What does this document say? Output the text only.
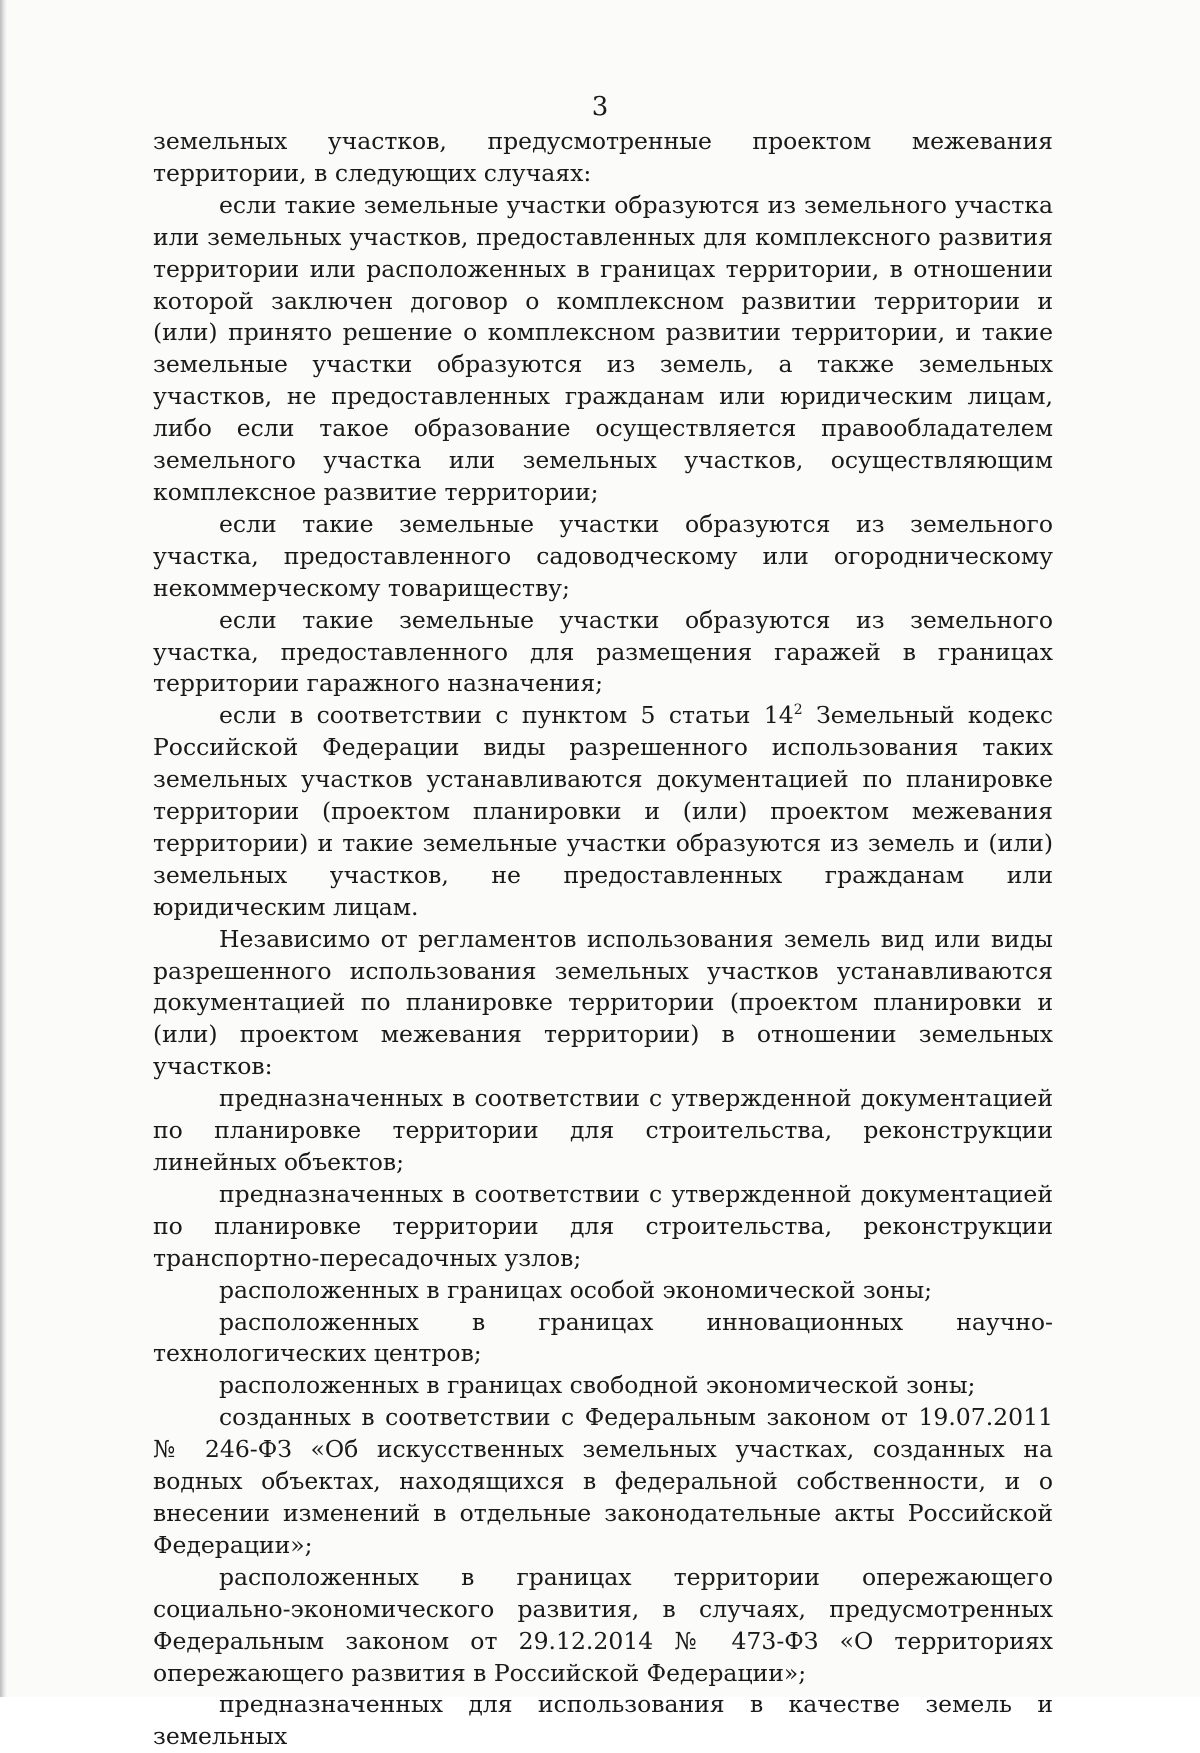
3

земельных участков, предусмотренные проектом межевания территории, в следующих случаях:

если такие земельные участки образуются из земельного участка или земельных участков, предоставленных для комплексного развития территории или расположенных в границах территории, в отношении которой заключен договор о комплексном развитии территории и (или) принято решение о комплексном развитии территории, и такие земельные участки образуются из земель, а также земельных участков, не предоставленных гражданам или юридическим лицам, либо если такое образование осуществляется правообладателем земельного участка или земельных участков, осуществляющим комплексное развитие территории;

если такие земельные участки образуются из земельного участка, предоставленного садоводческому или огородническому некоммерческому товариществу;

если такие земельные участки образуются из земельного участка, предоставленного для размещения гаражей в границах территории гаражного назначения;

если в соответствии с пунктом 5 статьи $14^2$ Земельный кодекс Российской Федерации виды разрешенного использования таких земельных участков устанавливаются документацией по планировке территории (проектом планировки и (или) проектом межевания территории) и такие земельные участки образуются из земель и (или) земельных участков, не предоставленных гражданам или юридическим лицам.

Независимо от регламентов использования земель вид или виды разрешенного использования земельных участков устанавливаются документацией по планировке территории (проектом планировки и (или) проектом межевания территории) в отношении земельных участков:

предназначенных в соответствии с утвержденной документацией по планировке территории для строительства, реконструкции линейных объектов;

предназначенных в соответствии с утвержденной документацией по планировке территории для строительства, реконструкции транспортно-пересадочных узлов;

расположенных в границах особой экономической зоны;

расположенных в границах инновационных научно-технологических центров;

расположенных в границах свободной экономической зоны;

созданных в соответствии с Федеральным законом от 19.07.2011 № 246-ФЗ «Об искусственных земельных участках, созданных на водных объектах, находящихся в федеральной собственности, и о внесении изменений в отдельные законодательные акты Российской Федерации»;

расположенных в границах территории опережающего социально-экономического развития, в случаях, предусмотренных Федеральным законом от 29.12.2014 № 473-ФЗ «О территориях опережающего развития в Российской Федерации»;

предназначенных для использования в качестве земель и земельных
